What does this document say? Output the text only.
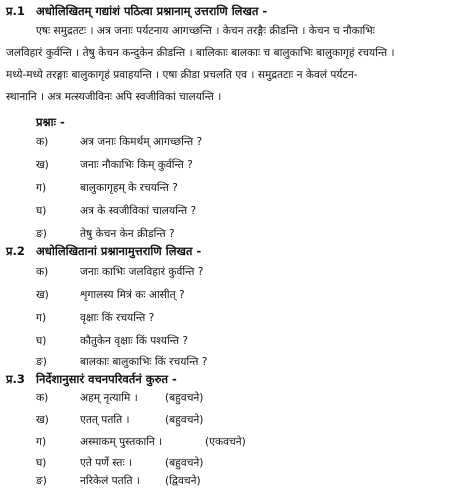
प्र.1 अधोलिखितम् गद्यांशं पठित्वा प्रश्नानाम् उत्तराणि लिखत -
एषः समुद्रतटः । अत्र जनाः पर्यटनाय आगच्छन्ति । केचन तरङ्गैः क्रीडन्ति । केचन च नौकाभिः
जलविहारं कुर्वन्ति । तेषु केचन कन्दुकेन क्रीडन्ति । बालिकाः बालकाः च बालुकाभिः बालुकागृहं रचयन्ति ।
मध्ये-मध्ये तरङ्गाः बालुकागृहं प्रवाहयन्ति । एषा क्रीडा प्रचलति एव । समुद्रतटाः न केवलं पर्यटन-
स्थानानि । अत्र मत्स्यजीविनः अपि स्वजीविकां चालयन्ति ।
प्रश्नाः -
क)	अत्र जनाः किमर्थम् आगच्छन्ति ?
ख)	जनाः नौकाभिः किम् कुर्वन्ति ?
ग)	बालुकागृहम् के रचयन्ति ?
घ)	अत्र के स्वजीविकां चालयन्ति ?
ङ)	तेषु केचन केन क्रीडन्ति ?
प्र.2 अधोलिखितानां प्रश्नानामुत्तराणि लिखत -
क)	जनाः काभिः जलविहारं कुर्वन्ति ?
ख)	शृगालस्य मित्रं कः आसीत् ?
ग)	वृक्षाः किं रचयन्ति ?
घ)	कौतुकेन वृक्षाः किं पश्यन्ति ?
ङ)	बालकाः बालुकाभिः किं रचयन्ति ?
प्र.3 निर्देशानुसारं वचनपरिवर्तनं कुरुत -
क)	अहम् नृत्यामि ।	(बहुवचने)
ख)	एतत् पतति ।	(बहुवचने)
ग)	अस्माकम् पुस्तकानि ।	(एकवचने)
घ)	एते पर्णे स्तः ।	(बहुवचने)
ङ)	नरिकेलं पतति । (द्विवचने)
